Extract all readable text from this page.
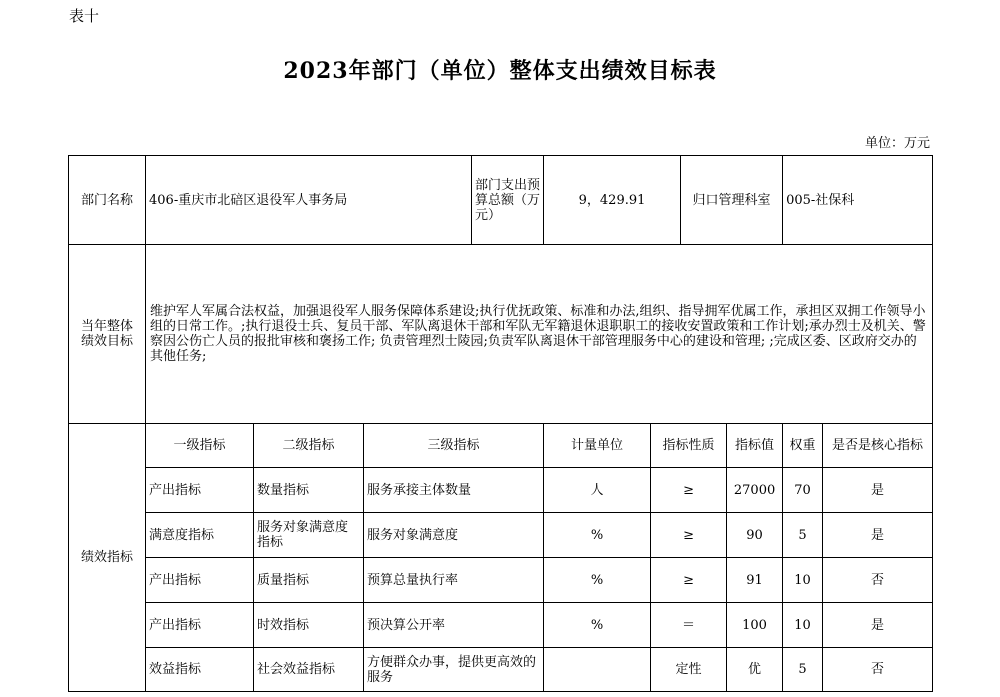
表十
2023年部门（单位）整体支出绩效目标表
单位：万元
部门名称	406-重庆市北碚区退役军人事务局			部门支出预算总额（万元）	9，429.91		归口管理科室		005-社保科	
当年整体绩效目标	维护军人军属合法权益，加强退役军人服务保障体系建设;执行优抚政策、标准和办法,组织、指导拥军优属工作，承担区双拥工作领导小组的日常工作。;执行退役士兵、复员干部、军队离退休干部和军队无军籍退休退职职工的接收安置政策和工作计划;承办烈士及机关、警察因公伤亡人员的报批审核和褒扬工作; 负责管理烈士陵园;负责军队离退休干部管理服务中心的建设和管理; ;完成区委、区政府交办的其他任务;									
绩效指标	一级指标	二级指标	三级指标		计量单位	指标性质		指标值	权重	是否是核心指标
	产出指标	数量指标	服务承接主体数量		人	≥		27000	70	是
	满意度指标	服务对象满意度指标	服务对象满意度		%	≥		90	5	是
	产出指标	质量指标	预算总量执行率		%	≥		91	10	否
	产出指标	时效指标	预决算公开率		%	＝		100	10	是
	效益指标	社会效益指标	方便群众办事，提供更高效的服务			定性		优	5	否
